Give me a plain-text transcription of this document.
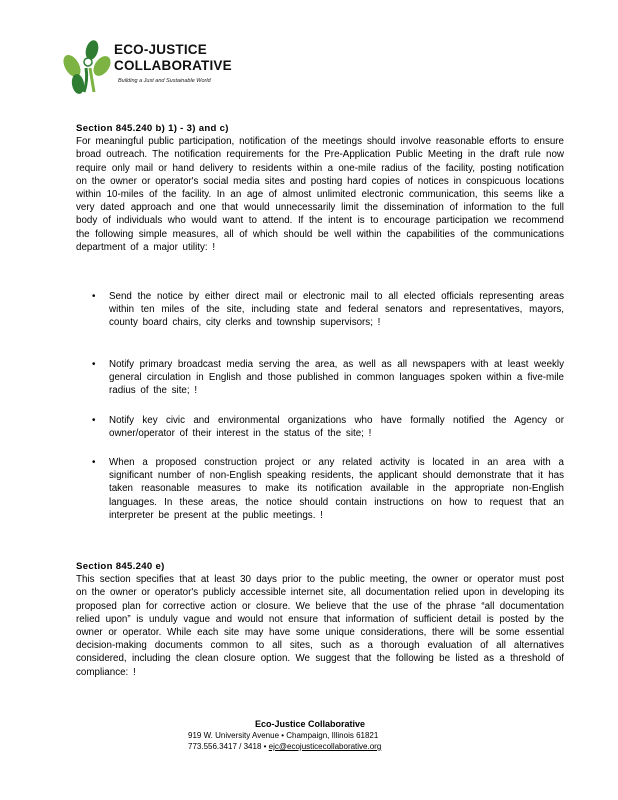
ECO-JUSTICE
COLLABORATIVE
Building a Just and Sustainable World
Section 845.240 b) 1) - 3) and c)
For meaningful public participation, notification of the meetings should involve reasonable efforts to ensure broad outreach. The notification requirements for the Pre-Application Public Meeting in the draft rule now require only mail or hand delivery to residents within a one-mile radius of the facility, posting notification on the owner or operator's social media sites and posting hard copies of notices in conspicuous locations within 10-miles of the facility. In an age of almost unlimited electronic communication, this seems like a very dated approach and one that would unnecessarily limit the dissemination of information to the full body of individuals who would want to attend. If the intent is to encourage participation we recommend the following simple measures, all of which should be well within the capabilities of the communications department of a major utility: !
• Send the notice by either direct mail or electronic mail to all elected officials representing areas within ten miles of the site, including state and federal senators and representatives, mayors, county board chairs, city clerks and township supervisors; !
• Notify primary broadcast media serving the area, as well as all newspapers with at least weekly general circulation in English and those published in common languages spoken within a five-mile radius of the site; !
• Notify key civic and environmental organizations who have formally notified the Agency or owner/operator of their interest in the status of the site; !
• When a proposed construction project or any related activity is located in an area with a significant number of non-English speaking residents, the applicant should demonstrate that it has taken reasonable measures to make its notification available in the appropriate non-English languages. In these areas, the notice should contain instructions on how to request that an interpreter be present at the public meetings. !
Section 845.240 e)
This section specifies that at least 30 days prior to the public meeting, the owner or operator must post on the owner or operator's publicly accessible internet site, all documentation relied upon in developing its proposed plan for corrective action or closure. We believe that the use of the phrase “all documentation relied upon” is unduly vague and would not ensure that information of sufficient detail is posted by the owner or operator. While each site may have some unique considerations, there will be some essential decision-making documents common to all sites, such as a thorough evaluation of all alternatives considered, including the clean closure option. We suggest that the following be listed as a threshold of compliance: !
Eco-Justice Collaborative
919 W. University Avenue • Champaign, Illinois 61821
773.556.3417 / 3418 • ejc@ecojusticecollaborative.org
